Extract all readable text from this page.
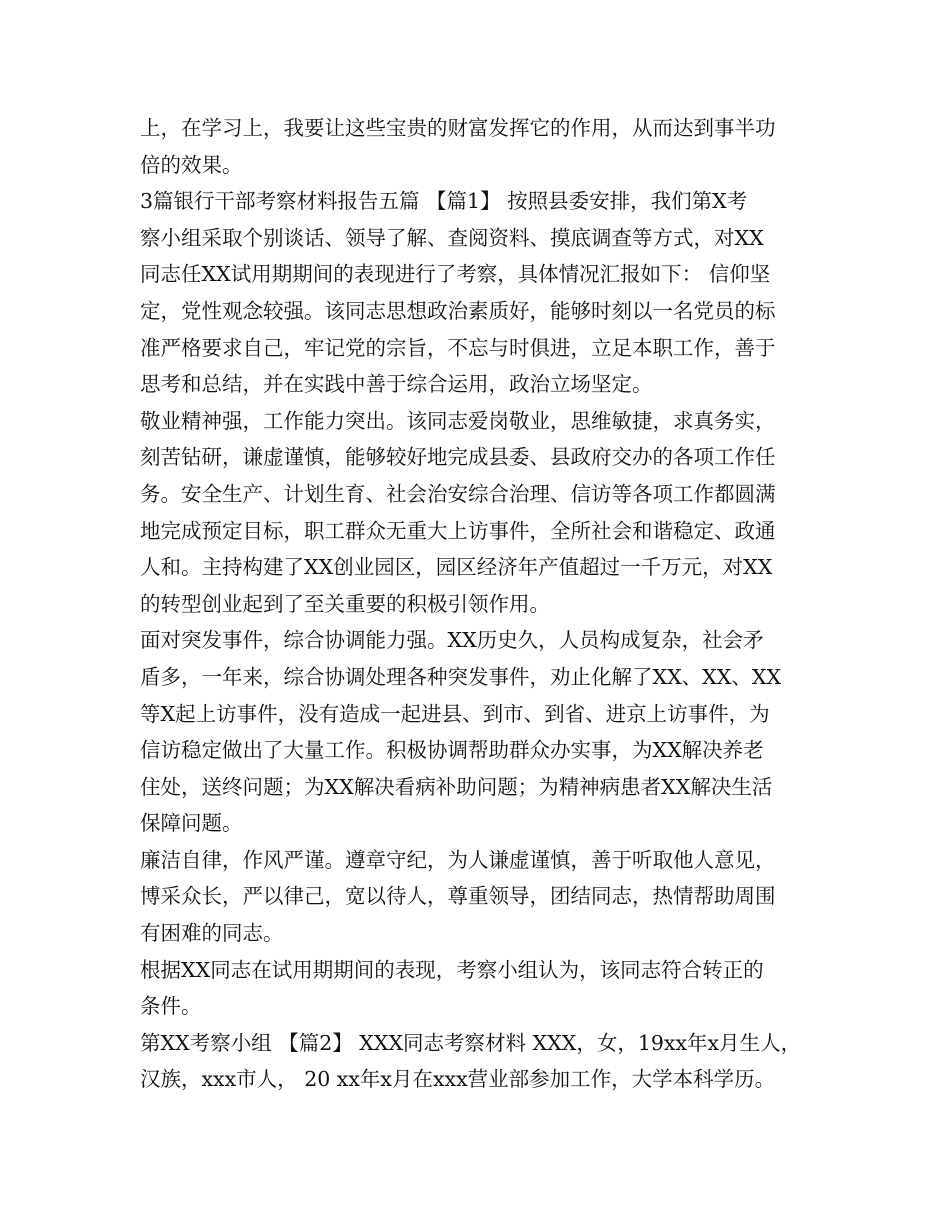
上，在学习上，我要让这些宝贵的财富发挥它的作用，从而达到事半功
倍的效果。
3篇银行干部考察材料报告五篇 【篇1】 按照县委安排，我们第X考
察小组采取个别谈话、领导了解、查阅资料、摸底调查等方式，对XX
同志任XX试用期期间的表现进行了考察，具体情况汇报如下： 信仰坚
定，党性观念较强。该同志思想政治素质好，能够时刻以一名党员的标
准严格要求自己，牢记党的宗旨，不忘与时俱进，立足本职工作，善于
思考和总结，并在实践中善于综合运用，政治立场坚定。
敬业精神强，工作能力突出。该同志爱岗敬业，思维敏捷，求真务实，
刻苦钻研，谦虚谨慎，能够较好地完成县委、县政府交办的各项工作任
务。安全生产、计划生育、社会治安综合治理、信访等各项工作都圆满
地完成预定目标，职工群众无重大上访事件，全所社会和谐稳定、政通
人和。主持构建了XX创业园区，园区经济年产值超过一千万元，对XX
的转型创业起到了至关重要的积极引领作用。
面对突发事件，综合协调能力强。XX历史久，人员构成复杂，社会矛
盾多，一年来，综合协调处理各种突发事件，劝止化解了XX、XX、XX
等X起上访事件，没有造成一起进县、到市、到省、进京上访事件，为
信访稳定做出了大量工作。积极协调帮助群众办实事，为XX解决养老
住处，送终问题；为XX解决看病补助问题；为精神病患者XX解决生活
保障问题。
廉洁自律，作风严谨。遵章守纪，为人谦虚谨慎，善于听取他人意见，
博采众长，严以律己，宽以待人，尊重领导，团结同志，热情帮助周围
有困难的同志。
根据XX同志在试用期期间的表现，考察小组认为，该同志符合转正的
条件。
第XX考察小组 【篇2】 XXX同志考察材料 XXX，女，19xx年x月生人，
汉族，xxx市人， 20 xx年x月在xxx营业部参加工作，大学本科学历。
